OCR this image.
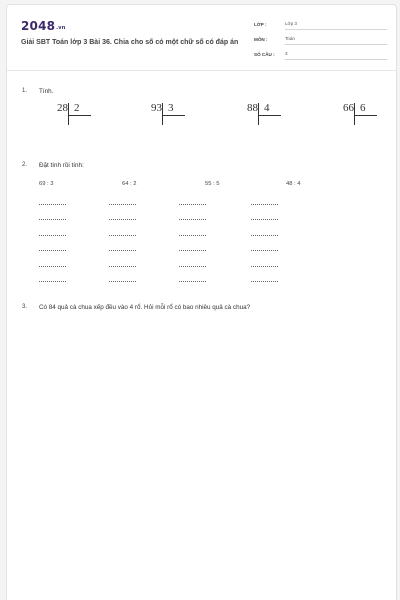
2048.vn
Giải SBT Toán lớp 3 Bài 36. Chia cho số có một chữ số có đáp án
LỚP :	Lớp 3
MÔN :	Toán
SỐ CÂU : 3
1. Tính.
28 2	93 3	88 4	66 6
2. Đặt tính rồi tính:
69 : 3	64 : 2	55 : 5	48 : 4
3. Có 84 quả cà chua xếp đều vào 4 rổ. Hỏi mỗi rổ có bao nhiêu quả cà chua?
